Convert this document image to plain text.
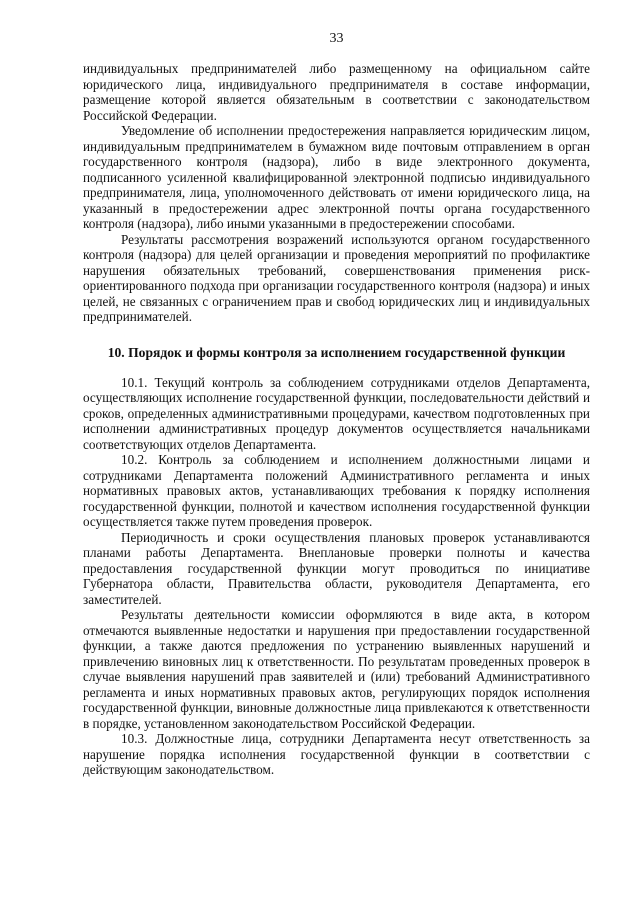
33

индивидуальных предпринимателей либо размещенному на официальном сайте юридического лица, индивидуального предпринимателя в составе информации, размещение которой является обязательным в соответствии с законодательством Российской Федерации.

Уведомление об исполнении предостережения направляется юридическим лицом, индивидуальным предпринимателем в бумажном виде почтовым отправлением в орган государственного контроля (надзора), либо в виде электронного документа, подписанного усиленной квалифицированной электронной подписью индивидуального предпринимателя, лица, уполномоченного действовать от имени юридического лица, на указанный в предостережении адрес электронной почты органа государственного контроля (надзора), либо иными указанными в предостережении способами.

Результаты рассмотрения возражений используются органом государственного контроля (надзора) для целей организации и проведения мероприятий по профилактике нарушения обязательных требований, совершенствования применения риск-ориентированного подхода при организации государственного контроля (надзора) и иных целей, не связанных с ограничением прав и свобод юридических лиц и индивидуальных предпринимателей.

10. Порядок и формы контроля за исполнением государственной функции

10.1. Текущий контроль за соблюдением сотрудниками отделов Департамента, осуществляющих исполнение государственной функции, последовательности действий и сроков, определенных административными процедурами, качеством подготовленных при исполнении административных процедур документов осуществляется начальниками соответствующих отделов Департамента.

10.2. Контроль за соблюдением и исполнением должностными лицами и сотрудниками Департамента положений Административного регламента и иных нормативных правовых актов, устанавливающих требования к порядку исполнения государственной функции, полнотой и качеством исполнения государственной функции осуществляется также путем проведения проверок.

Периодичность и сроки осуществления плановых проверок устанавливаются планами работы Департамента. Внеплановые проверки полноты и качества предоставления государственной функции могут проводиться по инициативе Губернатора области, Правительства области, руководителя Департамента, его заместителей.

Результаты деятельности комиссии оформляются в виде акта, в котором отмечаются выявленные недостатки и нарушения при предоставлении государственной функции, а также даются предложения по устранению выявленных нарушений и привлечению виновных лиц к ответственности. По результатам проведенных проверок в случае выявления нарушений прав заявителей и (или) требований Административного регламента и иных нормативных правовых актов, регулирующих порядок исполнения государственной функции, виновные должностные лица привлекаются к ответственности в порядке, установленном законодательством Российской Федерации.

10.3. Должностные лица, сотрудники Департамента несут ответственность за нарушение порядка исполнения государственной функции в соответствии с действующим законодательством.
